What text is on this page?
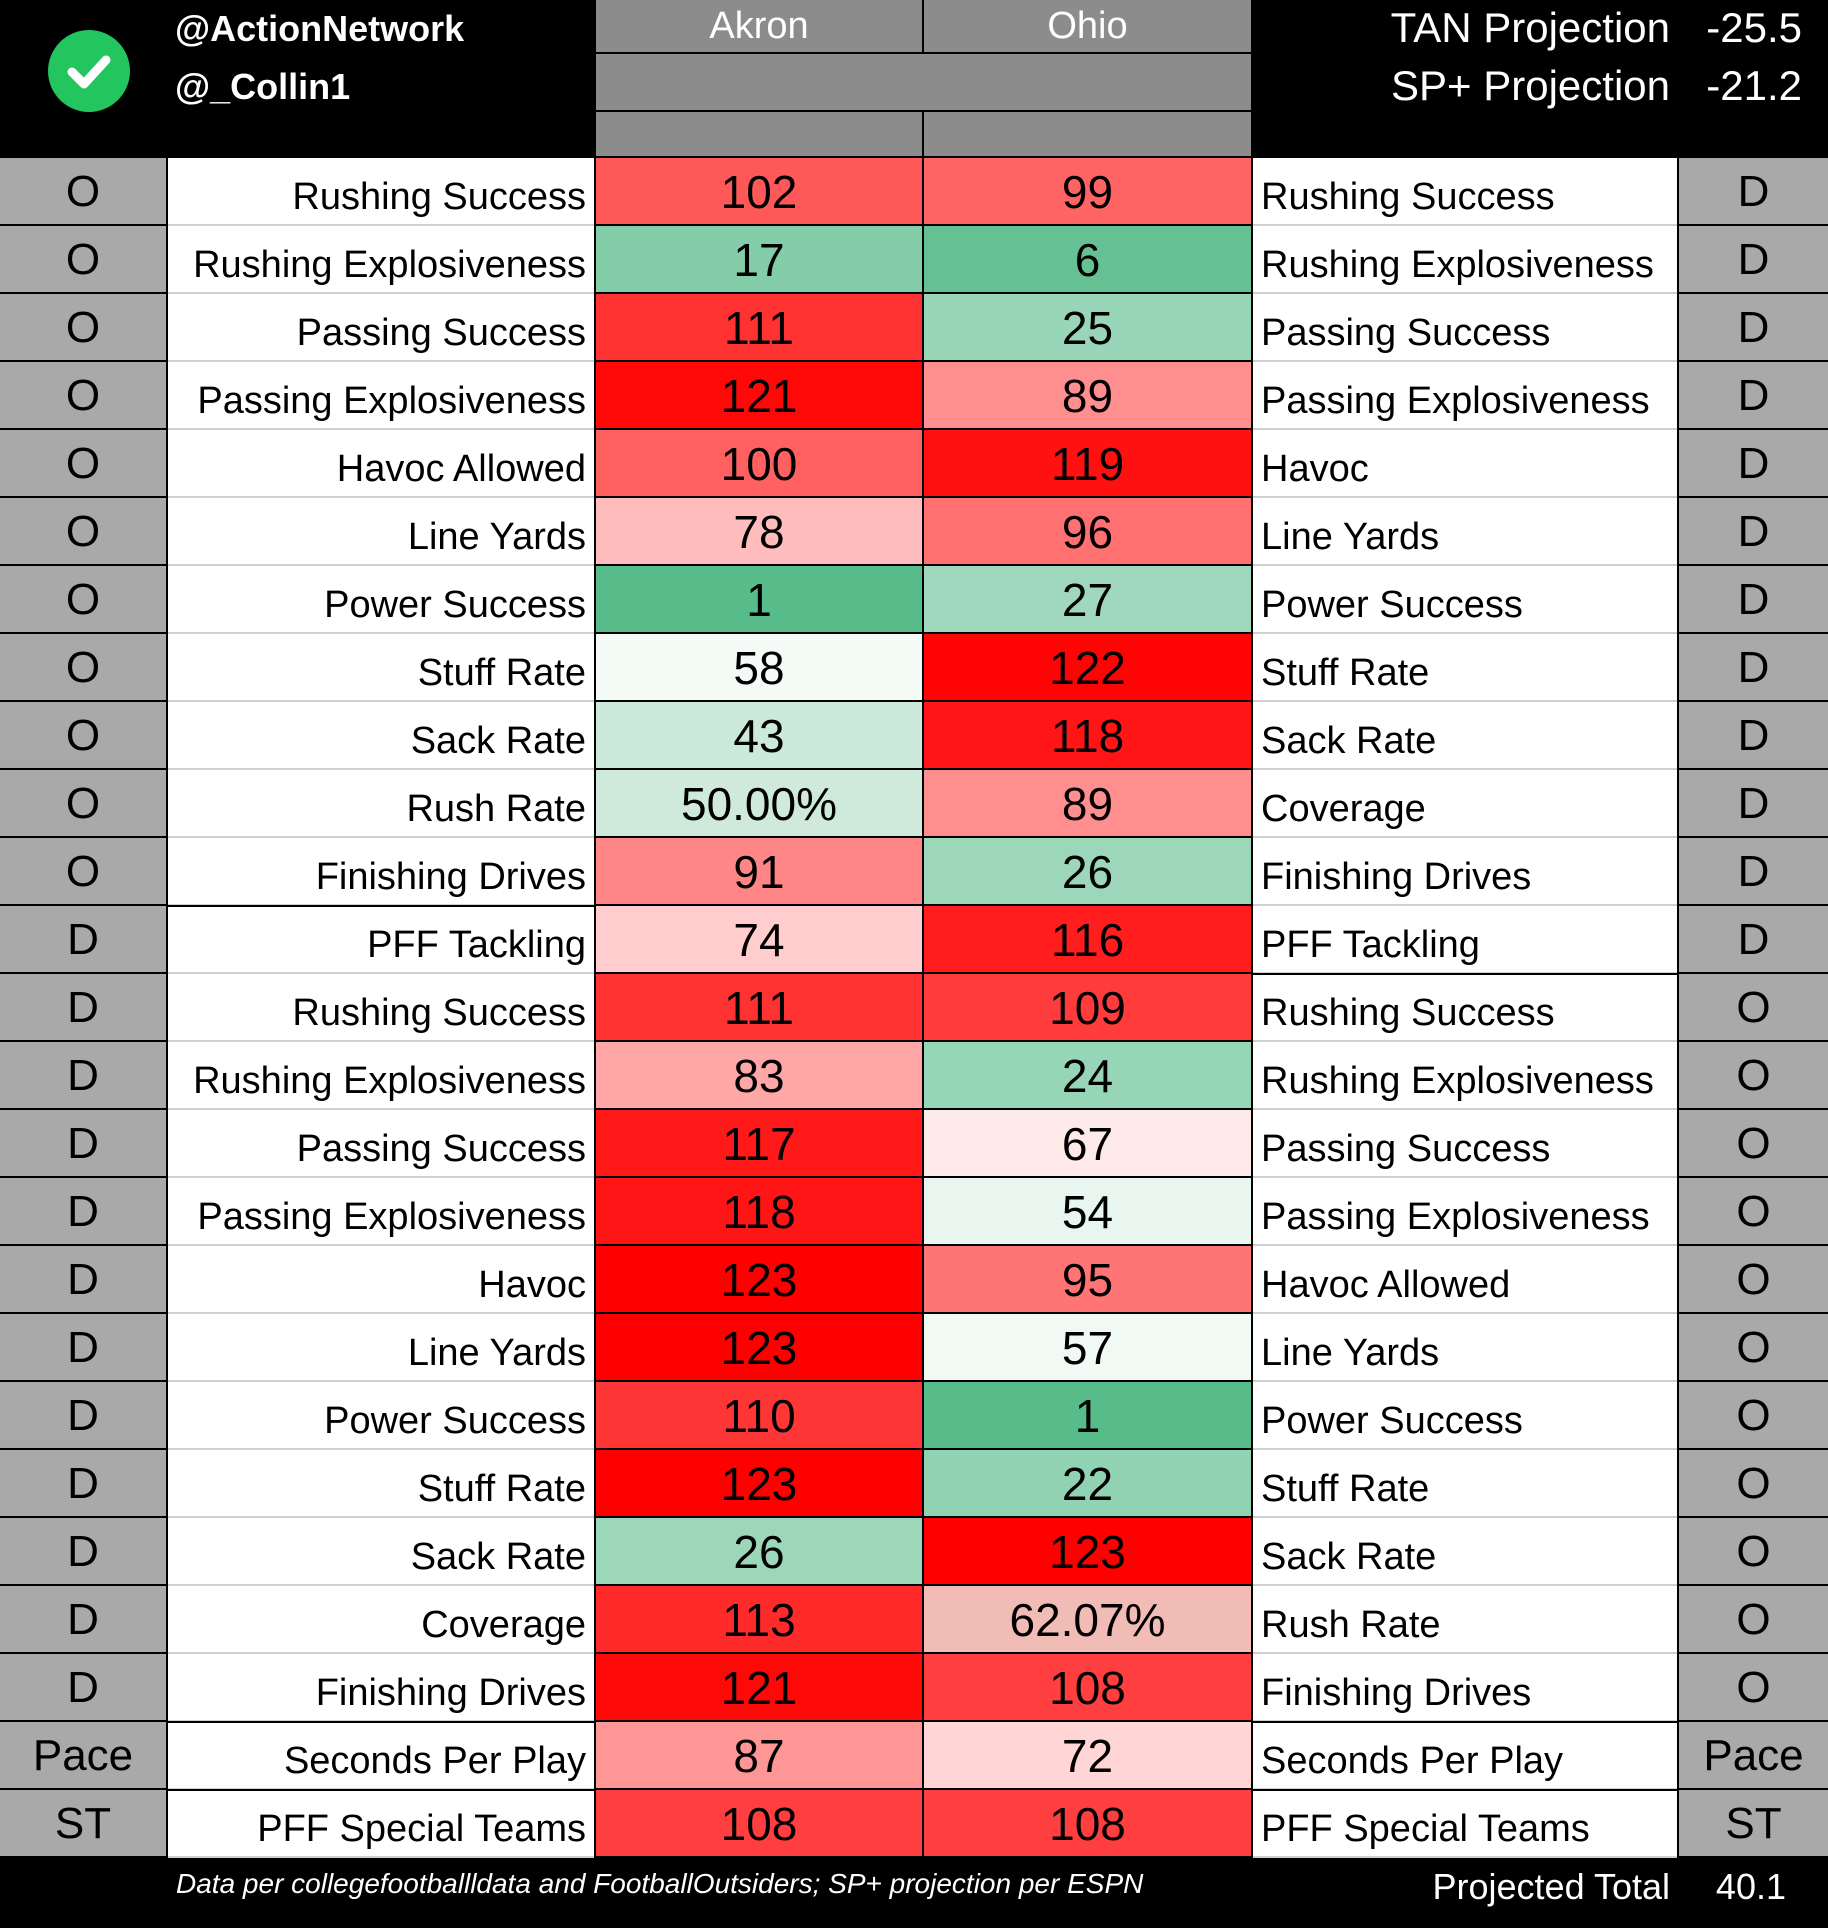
@ActionNetwork
@_Collin1
Akron	Ohio	TAN Projection -25.5
SP+ Projection -21.2
O	Rushing Success	102	99	Rushing Success	D
O	Rushing Explosiveness	17	6	Rushing Explosiveness	D
O	Passing Success	111	25	Passing Success	D
O	Passing Explosiveness	121	89	Passing Explosiveness	D
O	Havoc Allowed	100	119	Havoc	D
O	Line Yards	78	96	Line Yards	D
O	Power Success	1	27	Power Success	D
O	Stuff Rate	58	122	Stuff Rate	D
O	Sack Rate	43	118	Sack Rate	D
O	Rush Rate	50.00%	89	Coverage	D
O	Finishing Drives	91	26	Finishing Drives	D
D	PFF Tackling	74	116	PFF Tackling	D
D	Rushing Success	111	109	Rushing Success	O
D	Rushing Explosiveness	83	24	Rushing Explosiveness	O
D	Passing Success	117	67	Passing Success	O
D	Passing Explosiveness	118	54	Passing Explosiveness	O
D	Havoc	123	95	Havoc Allowed	O
D	Line Yards	123	57	Line Yards	O
D	Power Success	110	1	Power Success	O
D	Stuff Rate	123	22	Stuff Rate	O
D	Sack Rate	26	123	Sack Rate	O
D	Coverage	113	62.07%	Rush Rate	O
D	Finishing Drives	121	108	Finishing Drives	O
Pace	Seconds Per Play	87	72	Seconds Per Play	Pace
ST	PFF Special Teams	108	108	PFF Special Teams	ST
Data per collegefootballldata and FootballOutsiders; SP+ projection per ESPN	Projected Total 40.1
